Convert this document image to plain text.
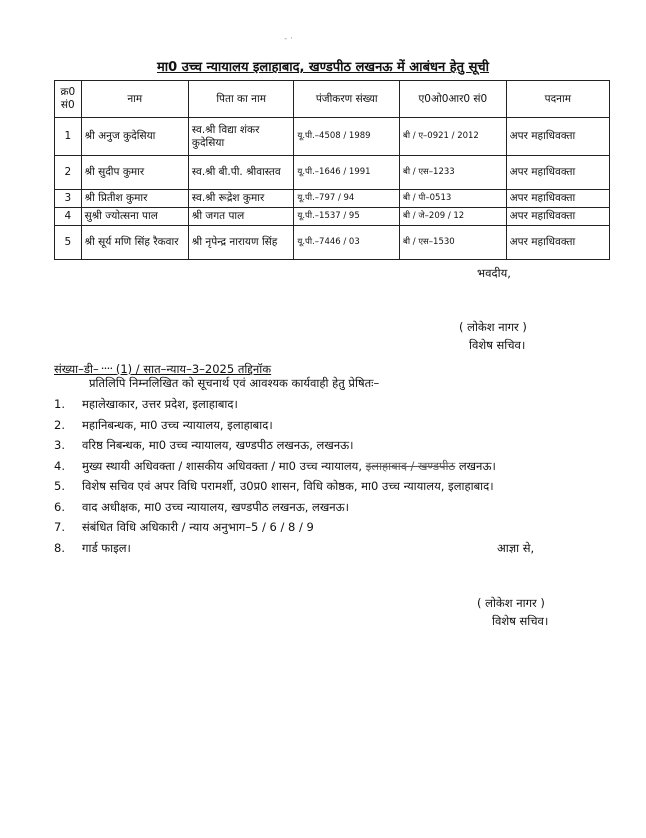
- ·
मा0 उच्च न्यायालय इलाहाबाद, खण्डपीठ लखनऊ में आबंधन हेतु सूची
क्र0 सं0	नाम	पिता का नाम	पंजीकरण संख्या	ए0ओ0आर0 सं0	पदनाम
1	श्री अनुज कुदेसिया	स्व.श्री विद्या शंकर कुदेसिया	यू.पी.–4508 / 1989	बी / ए–0921 / 2012	अपर महाधिवक्ता
2	श्री सुदीप कुमार	स्व.श्री बी.पी. श्रीवास्तव	यू.पी.–1646 / 1991	बी / एस–1233	अपर महाधिवक्ता
3	श्री प्रितीश कुमार	स्व.श्री रूद्रेश कुमार	यू.पी.–797 / 94	बी / पी–0513	अपर महाधिवक्ता
4	सुश्री ज्योत्सना पाल	श्री जगत पाल	यू.पी.–1537 / 95	बी / जे–209 / 12	अपर महाधिवक्ता
5	श्री सूर्य मणि सिंह रैकवार	श्री नृपेन्द्र नारायण सिंह	यू.पी.–7446 / 03	बी / एस–1530	अपर महाधिवक्ता
भवदीय,
( लोकेश नागर )
विशेष सचिव।
संख्या–डी–᠁ (1) / सात–न्याय–3–2025 तद्दिनॉक
प्रतिलिपि निम्नलिखित को सूचनार्थ एवं आवश्यक कार्यवाही हेतु प्रेषितः–
1. महालेखाकार, उत्तर प्रदेश, इलाहाबाद।
2. महानिबन्धक, मा0 उच्च न्यायालय, इलाहाबाद।
3. वरिष्ठ निबन्धक, मा0 उच्च न्यायालय, खण्डपीठ लखनऊ, लखनऊ।
4. मुख्य स्थायी अधिवक्ता / शासकीय अधिवक्ता / मा0 उच्च न्यायालय, इलाहाबाद / खण्डपीठ लखनऊ।
5. विशेष सचिव एवं अपर विधि परामर्शी, उ0प्र0 शासन, विधि कोष्ठक, मा0 उच्च न्यायालय, इलाहाबाद।
6. वाद अधीक्षक, मा0 उच्च न्यायालय, खण्डपीठ लखनऊ, लखनऊ।
7. संबंधित विधि अधिकारी / न्याय अनुभाग–5 / 6 / 8 / 9
8. गार्ड फाइल।	आज्ञा से,
( लोकेश नागर )
विशेष सचिव।
